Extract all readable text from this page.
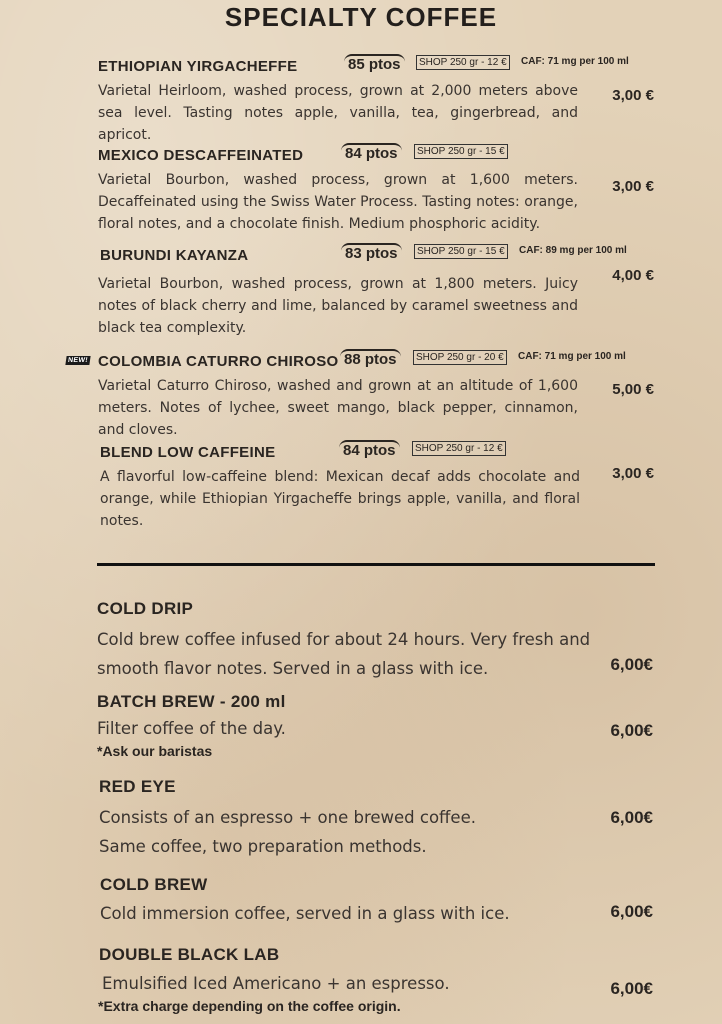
SPECIALTY COFFEE
ETHIOPIAN YIRGACHEFFE	85 ptos	SHOP 250 gr - 12 €	CAF: 71 mg per 100 ml
Varietal Heirloom, washed process, grown at 2,000 meters above sea level. Tasting notes apple, vanilla, tea, gingerbread, and apricot.
3,00 €
MEXICO DESCAFFEINATED	84 ptos	SHOP 250 gr - 15 €
Varietal Bourbon, washed process, grown at 1,600 meters. Decaffeinated using the Swiss Water Process. Tasting notes: orange, floral notes, and a chocolate finish. Medium phosphoric acidity.
3,00 €
BURUNDI KAYANZA	83 ptos	SHOP 250 gr - 15 €	CAF: 89 mg per 100 ml
Varietal Bourbon, washed process, grown at 1,800 meters. Juicy notes of black cherry and lime, balanced by caramel sweetness and black tea complexity.
4,00 €
NEW! COLOMBIA CATURRO CHIROSO 88 ptos	SHOP 250 gr - 20 €	CAF: 71 mg per 100 ml
Varietal Caturro Chiroso, washed and grown at an altitude of 1,600 meters. Notes of lychee, sweet mango, black pepper, cinnamon, and cloves.
5,00 €
BLEND LOW CAFFEINE	84 ptos	SHOP 250 gr - 12 €
A flavorful low-caffeine blend: Mexican decaf adds chocolate and orange, while Ethiopian Yirgacheffe brings apple, vanilla, and floral notes.
3,00 €
COLD DRIP
Cold brew coffee infused for about 24 hours. Very fresh and smooth flavor notes. Served in a glass with ice.	6,00€
BATCH BREW - 200 ml
Filter coffee of the day.
*Ask our baristas
6,00€
RED EYE
Consists of an espresso + one brewed coffee. Same coffee, two preparation methods.
6,00€
COLD BREW
Cold immersion coffee, served in a glass with ice.	6,00€
DOUBLE BLACK LAB
Emulsified Iced Americano + an espresso.
*Extra charge depending on the coffee origin.
6,00€
